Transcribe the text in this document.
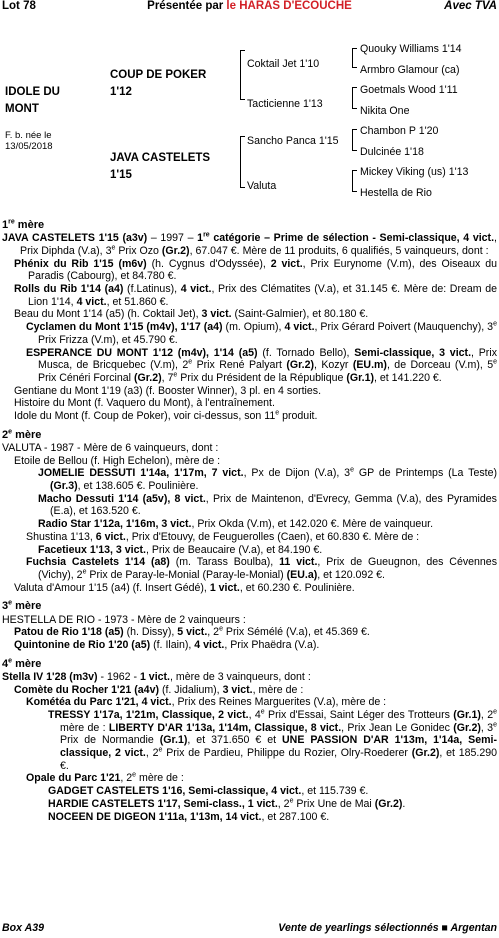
Lot 78	Présentée par le HARAS D'ECOUCHE	Avec TVA
IDOLE DU MONT
F. b. née le 13/05/2018
COUP DE POKER 1'12
JAVA CASTELETS 1'15
Coktail Jet 1'10
Tacticienne 1'13
Sancho Panca 1'15
Valuta
Quouky Williams 1'14
Armbro Glamour (ca)
Goetmals Wood 1'11
Nikita One
Chambon P 1'20
Dulcinée 1'18
Mickey Viking (us) 1'13
Hestella de Rio

1re mère

JAVA CASTELETS 1'15 (a3v) – 1997 – 1re catégorie – Prime de sélection - Semi-classique, 4 vict., Prix Diphda (V.a), 3e Prix Ozo (Gr.2), 67.047 €. Mère de 11 produits, 6 qualifiés, 5 vainqueurs, dont :

Phénix du Rib 1'15 (m6v) (h. Cygnus d'Odyssée), 2 vict., Prix Eurynome (V.m), des Oiseaux du Paradis (Cabourg), et 84.780 €.

Rolls du Rib 1'14 (a4) (f.Latinus), 4 vict., Prix des Clématites (V.a), et 31.145 €. Mère de: Dream de Lion 1'14, 4 vict., et 51.860 €.

Beau du Mont 1'14 (a5) (h. Coktail Jet), 3 vict. (Saint-Galmier), et 80.180 €.

Cyclamen du Mont 1'15 (m4v), 1'17 (a4) (m. Opium), 4 vict., Prix Gérard Poivert (Mauquenchy), 3e Prix Frizza (V.m), et 45.790 €.

ESPERANCE DU MONT 1'12 (m4v), 1'14 (a5) (f. Tornado Bello), Semi-classique, 3 vict., Prix Musca, de Bricquebec (V.m), 2e Prix René Palyart (Gr.2), Kozyr (EU.m), de Dorceau (V.m), 5e Prix Cénéri Forcinal (Gr.2), 7e Prix du Président de la République (Gr.1), et 141.220 €.

Gentiane du Mont 1'19 (a3) (f. Booster Winner), 3 pl. en 4 sorties.

Histoire du Mont (f. Vaquero du Mont), à l'entraînement.

Idole du Mont (f. Coup de Poker), voir ci-dessus, son 11e produit.

2e mère

VALUTA - 1987 - Mère de 6 vainqueurs, dont :

Etoile de Bellou (f. High Echelon), mère de :

JOMELIE DESSUTI 1'14a, 1'17m, 7 vict., Px de Dijon (V.a), 3e GP de Printemps (La Teste) (Gr.3), et 138.605 €. Poulinière.

Macho Dessuti 1'14 (a5v), 8 vict., Prix de Maintenon, d'Evrecy, Gemma (V.a), des Pyramides (E.a), et 163.520 €.

Radio Star 1'12a, 1'16m, 3 vict., Prix Okda (V.m), et 142.020 €. Mère de vainqueur.

Shustina 1'13, 6 vict., Prix d'Etouvy, de Feuguerolles (Caen), et 60.830 €. Mère de :

Facetieux 1'13, 3 vict., Prix de Beaucaire (V.a), et 84.190 €.

Fuchsia Castelets 1'14 (a8) (m. Tarass Boulba), 11 vict., Prix de Gueugnon, des Cévennes (Vichy), 2e Prix de Paray-le-Monial (Paray-le-Monial) (EU.a), et 120.092 €.

Valuta d'Amour 1'15 (a4) (f. Insert Gédé), 1 vict., et 60.230 €. Poulinière.

3e mère

HESTELLA DE RIO - 1973 - Mère de 2 vainqueurs :

Patou de Rio 1'18 (a5) (h. Dissy), 5 vict., 2e Prix Sémélé (V.a), et 45.369 €.

Quintonine de Rio 1'20 (a5) (f. Ilain), 4 vict., Prix Phaëdra (V.a).

4e mère

Stella IV 1'28 (m3v) - 1962 - 1 vict., mère de 3 vainqueurs, dont :

Comète du Rocher 1'21 (a4v) (f. Jidalium), 3 vict., mère de :

Kométéa du Parc 1'21, 4 vict., Prix des Reines Marguerites (V.a), mère de :

TRESSY 1'17a, 1'21m, Classique, 2 vict., 4e Prix d'Essai, Saint Léger des Trotteurs (Gr.1), 2e mère de : LIBERTY D'AR 1'13a, 1'14m, Classique, 8 vict., Prix Jean Le Gonidec (Gr.2), 3e Prix de Normandie (Gr.1), et 371.650 € et UNE PASSION D'AR 1'13m, 1'14a, Semi-classique, 2 vict., 2e Prix de Pardieu, Philippe du Rozier, Olry-Roederer (Gr.2), et 185.290 €.

Opale du Parc 1'21, 2e mère de :

GADGET CASTELETS 1'16, Semi-classique, 4 vict., et 115.739 €.

HARDIE CASTELETS 1'17, Semi-class., 1 vict., 2e Prix Une de Mai (Gr.2).

NOCEEN DE DIGEON 1'11a, 1'13m, 14 vict., et 287.100 €.

Box A39	Vente de yearlings sélectionnés ■ Argentan
